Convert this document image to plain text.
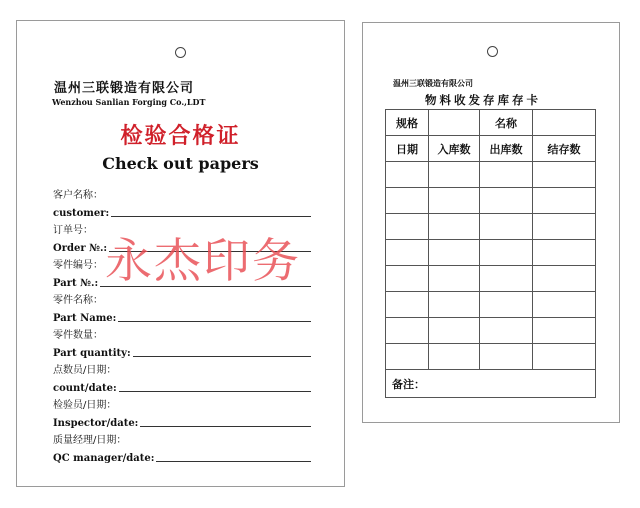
温州三联锻造有限公司
Wenzhou Sanlian Forging Co.,LDT
检验合格证
Check out papers
客户名称：
customer:
订单号：
Order №.:
零件编号：
Part №.:
零件名称：
Part Name:
零件数量：
Part quantity:
点数员/日期：
count/date:
检验员/日期：
Inspector/date:
质量经理/日期：
QC manager/date:
温州三联锻造有限公司
物料收发存库存卡
规格		名称	
日期	入库数	出库数	结存数

备注：			
永杰印务
